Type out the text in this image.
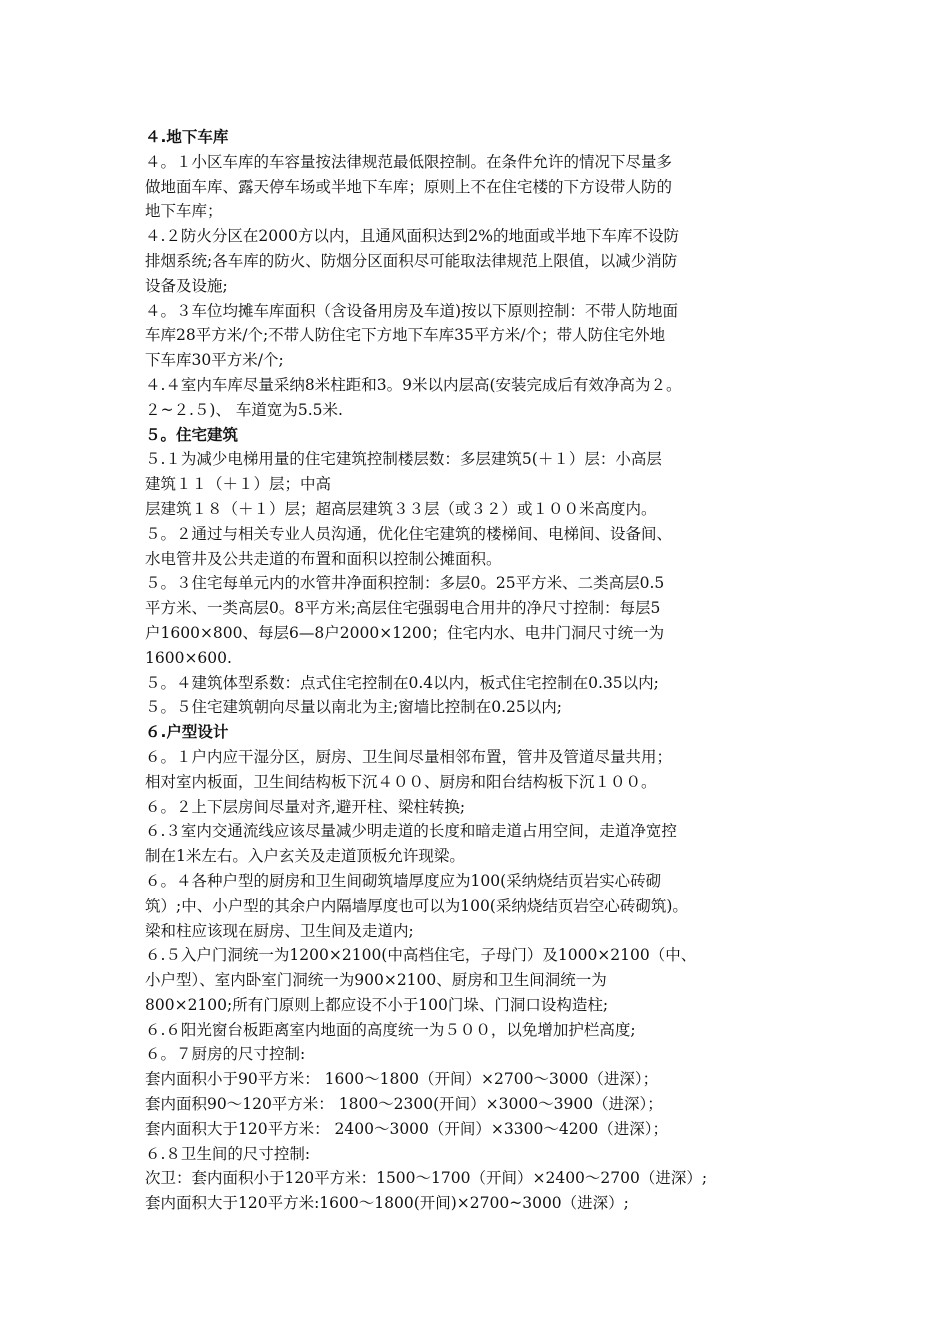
４.地下车库
４。１小区车库的车容量按法律规范最低限控制。在条件允许的情况下尽量多
做地面车库、露天停车场或半地下车库；原则上不在住宅楼的下方设带人防的
地下车库；
４.２防火分区在2000方以内，且通风面积达到2%的地面或半地下车库不设防
排烟系统;各车库的防火、防烟分区面积尽可能取法律规范上限值，以减少消防
设备及设施;
４。３车位均摊车库面积（含设备用房及车道)按以下原则控制：不带人防地面
车库28平方米/个;不带人防住宅下方地下车库35平方米/个；带人防住宅外地
下车库30平方米/个;
４.４室内车库尽量采纳8米柱距和3。9米以内层高(安装完成后有效净高为２。
２~２.５)、 车道宽为5.5米.
５。住宅建筑
５.１为减少电梯用量的住宅建筑控制楼层数：多层建筑5(＋１）层：小高层
建筑１１（＋１）层；中高
层建筑１８（＋１）层；超高层建筑３３层（或３２）或１００米高度内。
５。２通过与相关专业人员沟通，优化住宅建筑的楼梯间、电梯间、设备间、
水电管井及公共走道的布置和面积以控制公摊面积。
５。３住宅每单元内的水管井净面积控制：多层0。25平方米、二类高层0.5
平方米、一类高层0。8平方米;高层住宅强弱电合用井的净尺寸控制：每层5
户1600×800、每层6—8户2000×1200；住宅内水、电井门洞尺寸统一为
1600×600.
５。４建筑体型系数：点式住宅控制在0.4以内，板式住宅控制在0.35以内;
５。５住宅建筑朝向尽量以南北为主;窗墙比控制在0.25以内;
６.户型设计
６。１户内应干湿分区，厨房、卫生间尽量相邻布置，管井及管道尽量共用；
相对室内板面，卫生间结构板下沉４００、厨房和阳台结构板下沉１００。
６。２上下层房间尽量对齐,避开柱、梁柱转换;
６.３室内交通流线应该尽量减少明走道的长度和暗走道占用空间，走道净宽控
制在1米左右。入户玄关及走道顶板允许现梁。
６。４各种户型的厨房和卫生间砌筑墙厚度应为100(采纳烧结页岩实心砖砌
筑）;中、小户型的其余户内隔墙厚度也可以为100(采纳烧结页岩空心砖砌筑)。
梁和柱应该现在厨房、卫生间及走道内;
６.５入户门洞统一为1200×2100(中高档住宅，子母门）及1000×2100（中、
小户型）、室内卧室门洞统一为900×2100、厨房和卫生间洞统一为
800×2100;所有门原则上都应设不小于100门垛、门洞口设构造柱;
６.６阳光窗台板距离室内地面的高度统一为５００，以免增加护栏高度;
６。７厨房的尺寸控制:
套内面积小于90平方米： 1600～1800（开间）×2700～3000（进深）；
套内面积90～120平方米： 1800～2300(开间）×3000～3900（进深）；
套内面积大于120平方米： 2400～3000（开间）×3300～4200（进深）；
６.８卫生间的尺寸控制:
次卫：套内面积小于120平方米：1500～1700（开间）×2400～2700（进深）;
套内面积大于120平方米:1600～1800(开间)×2700~3000（进深）;
